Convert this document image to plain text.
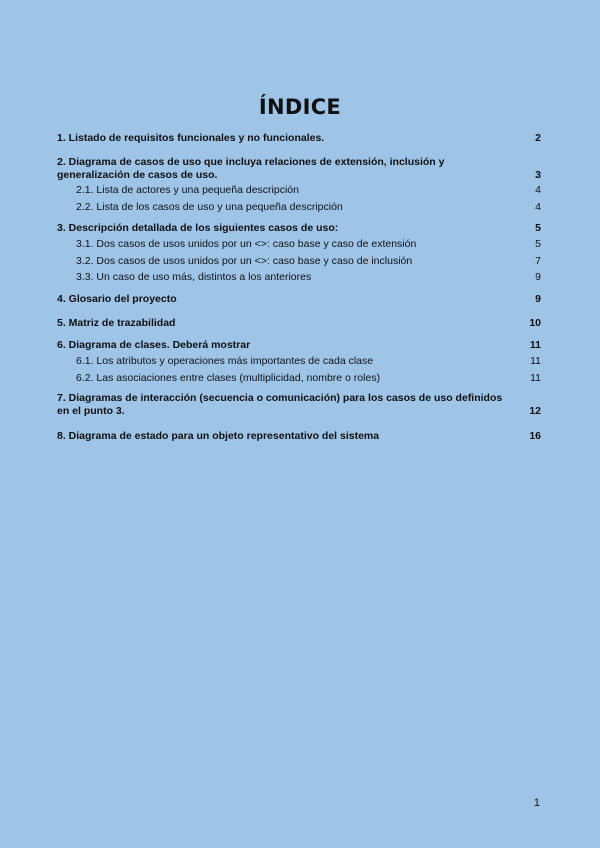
ÍNDICE
1. Listado de requisitos funcionales y no funcionales.	2
2. Diagrama de casos de uso que incluya relaciones de extensión, inclusión y generalización de casos de uso.	3
2.1. Lista de actores y una pequeña descripción	4
2.2. Lista de los casos de uso y una pequeña descripción	4
3. Descripción detallada de los siguientes casos de uso:	5
3.1. Dos casos de usos unidos por un <>: caso base y caso de extensión	5
3.2. Dos casos de usos unidos por un <>: caso base y caso de inclusión	7
3.3. Un caso de uso más, distintos a los anteriores	9
4. Glosario del proyecto	9
5. Matriz de trazabilidad	10
6. Diagrama de clases. Deberá mostrar	11
6.1. Los atributos y operaciones más importantes de cada clase	11
6.2. Las asociaciones entre clases (multiplicidad, nombre o roles)	11
7. Diagramas de interacción (secuencia o comunicación) para los casos de uso definidos en el punto 3.	12
8. Diagrama de estado para un objeto representativo del sistema	16
1
